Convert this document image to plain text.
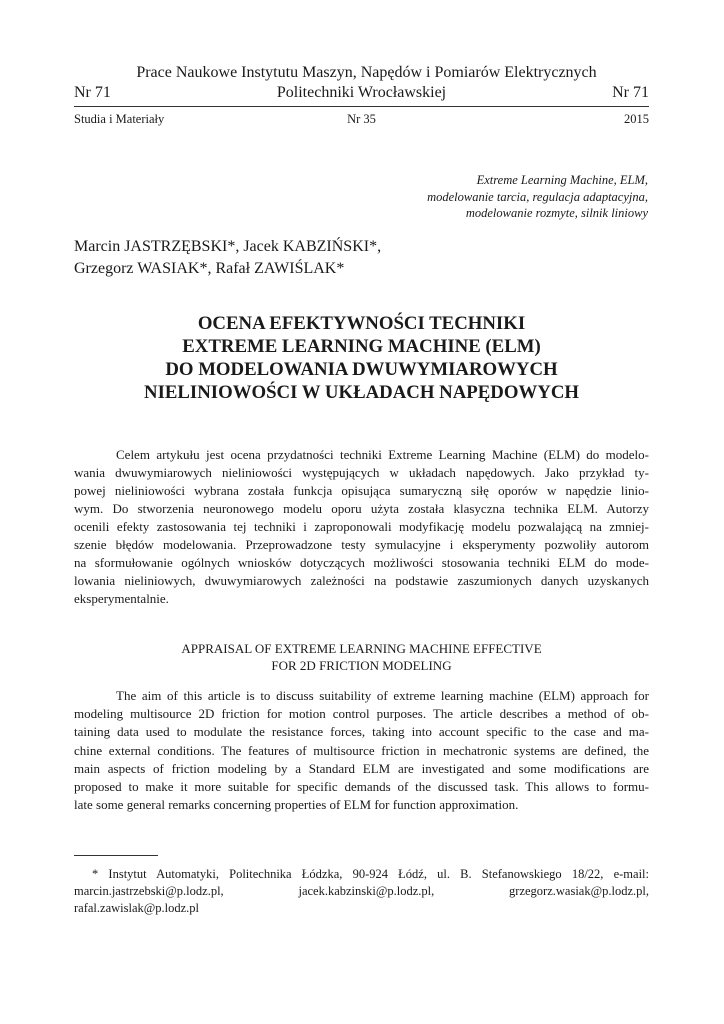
Prace Naukowe Instytutu Maszyn, Napędów i Pomiarów Elektrycznych
Nr 71	Politechniki Wrocławskiej	Nr 71
Studia i Materiały	Nr 35	2015
Extreme Learning Machine, ELM,
modelowanie tarcia, regulacja adaptacyjna,
modelowanie rozmyte, silnik liniowy
Marcin JASTRZĘBSKI*, Jacek KABZIŃSKI*,
Grzegorz WASIAK*, Rafał ZAWIŚLAK*
OCENA EFEKTYWNOŚCI TECHNIKI
EXTREME LEARNING MACHINE (ELM)
DO MODELOWANIA DWUWYMIAROWYCH
NIELINIOWOŚCI W UKŁADACH NAPĘDOWYCH
Celem artykułu jest ocena przydatności techniki Extreme Learning Machine (ELM) do modelo-
wania dwuwymiarowych nieliniowości występujących w układach napędowych. Jako przykład ty-
powej nieliniowości wybrana została funkcja opisująca sumaryczną siłę oporów w napędzie linio-
wym. Do stworzenia neuronowego modelu oporu użyta została klasyczna technika ELM. Autorzy
ocenili efekty zastosowania tej techniki i zaproponowali modyfikację modelu pozwalającą na zmniej-
szenie błędów modelowania. Przeprowadzone testy symulacyjne i eksperymenty pozwoliły autorom
na sformułowanie ogólnych wniosków dotyczących możliwości stosowania techniki ELM do mode-
lowania nieliniowych, dwuwymiarowych zależności na podstawie zaszumionych danych uzyskanych
eksperymentalnie.
APPRAISAL OF EXTREME LEARNING MACHINE EFFECTIVE
FOR 2D FRICTION MODELING
The aim of this article is to discuss suitability of extreme learning machine (ELM) approach for
modeling multisource 2D friction for motion control purposes. The article describes a method of ob-
taining data used to modulate the resistance forces, taking into account specific to the case and ma-
chine external conditions. The features of multisource friction in mechatronic systems are defined, the
main aspects of friction modeling by a Standard ELM are investigated and some modifications are
proposed to make it more suitable for specific demands of the discussed task. This allows to formu-
late some general remarks concerning properties of ELM for function approximation.
* Instytut Automatyki, Politechnika Łódzka, 90-924 Łódź, ul. B. Stefanowskiego 18/22, e-mail:
marcin.jastrzebski@p.lodz.pl, jacek.kabzinski@p.lodz.pl, grzegorz.wasiak@p.lodz.pl,
rafal.zawislak@p.lodz.pl
